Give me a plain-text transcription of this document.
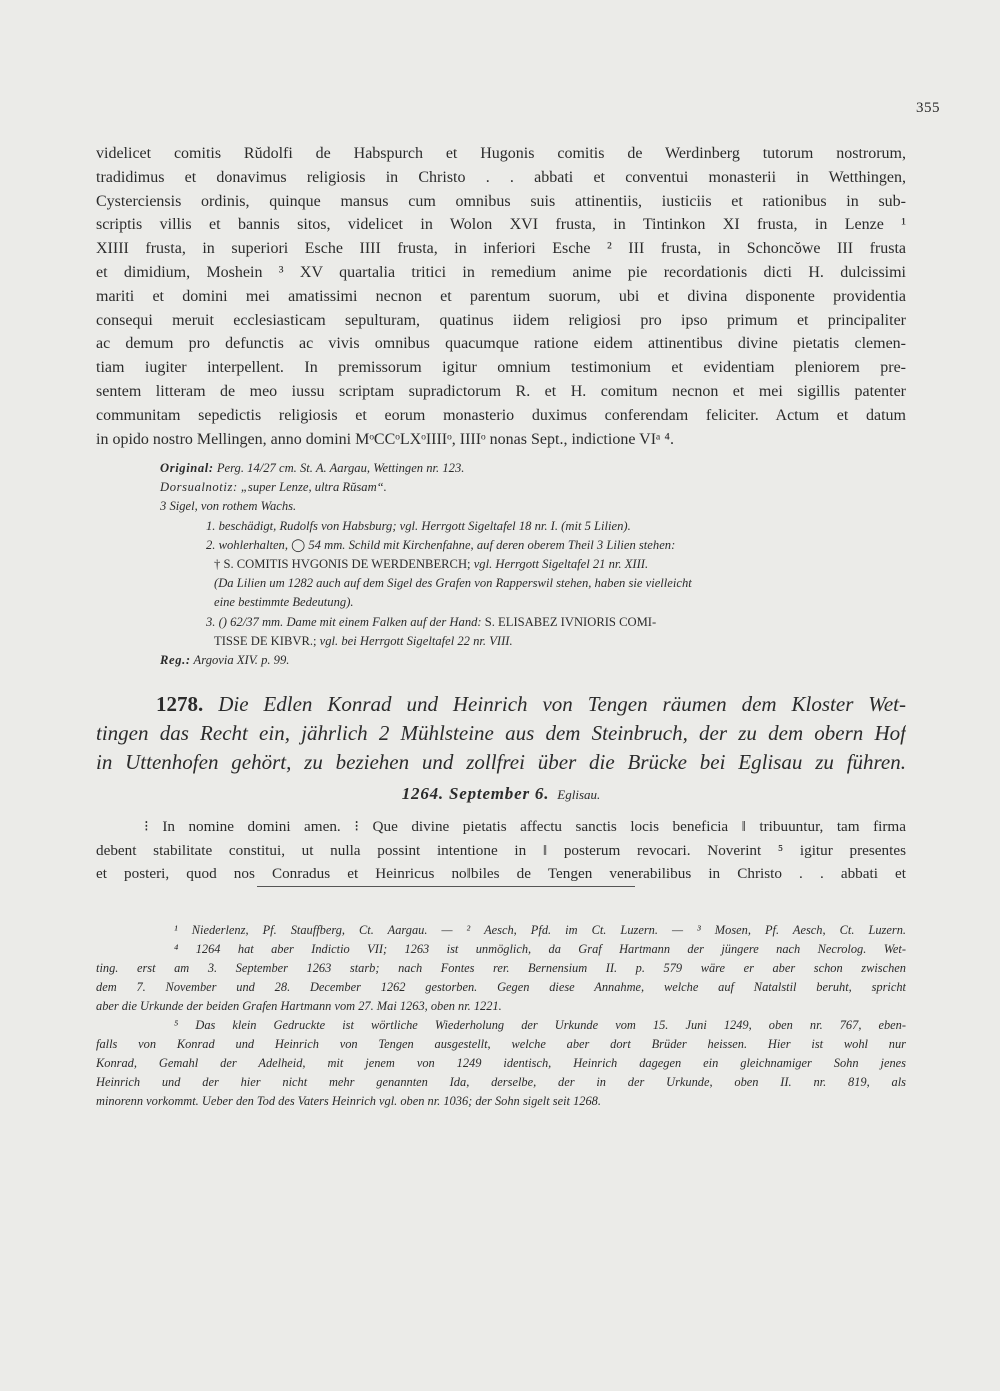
355
videlicet comitis Rŭdolfi de Habspurch et Hugonis comitis de Werdinberg tutorum nostrorum,
tradidimus et donavimus religiosis in Christo . . abbati et conventui monasterii in Wetthingen,
Cysterciensis ordinis, quinque mansus cum omnibus suis attinentiis, iusticiis et rationibus in sub-
scriptis villis et bannis sitos, videlicet in Wolon XVI frusta, in Tintinkon XI frusta, in Lenze ¹
XIIII frusta, in superiori Esche IIII frusta, in inferiori Esche ² III frusta, in Schoncŏwe III frusta
et dimidium, Moshein ³ XV quartalia tritici in remedium anime pie recordationis dicti H. dulcissimi
mariti et domini mei amatissimi necnon et parentum suorum, ubi et divina disponente providentia
consequi meruit ecclesiasticam sepulturam, quatinus iidem religiosi pro ipso primum et principaliter
ac demum pro defunctis ac vivis omnibus quacumque ratione eidem attinentibus divine pietatis clemen-
tiam iugiter interpellent. In premissorum igitur omnium testimonium et evidentiam pleniorem pre-
sentem litteram de meo iussu scriptam supradictorum R. et H. comitum necnon et mei sigillis patenter
communitam sepedictis religiosis et eorum monasterio duximus conferendam feliciter. Actum et datum
in opido nostro Mellingen, anno domini MᵒCCᵒLXᵒIIIIᵒ, IIIIᵒ nonas Sept., indictione VIᵃ ⁴.
Original: Perg. 14/27 cm. St. A. Aargau, Wettingen nr. 123.
Dorsualnotiz: „super Lenze, ultra Rŭsam“.
3 Sigel, von rothem Wachs.
1. beschädigt, Rudolfs von Habsburg; vgl. Herrgott Sigeltafel 18 nr. I. (mit 5 Lilien).
2. wohlerhalten, ◯ 54 mm. Schild mit Kirchenfahne, auf deren oberem Theil 3 Lilien stehen:
† S. COMITIS HVGONIS DE WERDENBERCH; vgl. Herrgott Sigeltafel 21 nr. XIII.
(Da Lilien um 1282 auch auf dem Sigel des Grafen von Rapperswil stehen, haben sie vielleicht
eine bestimmte Bedeutung).
3. () 62/37 mm. Dame mit einem Falken auf der Hand: S. ELISABEZ IVNIORIS COMI-
TISSE DE KIBVR.; vgl. bei Herrgott Sigeltafel 22 nr. VIII.
Reg.: Argovia XIV. p. 99.
1278. Die Edlen Konrad und Heinrich von Tengen räumen dem Kloster Wet-
tingen das Recht ein, jährlich 2 Mühlsteine aus dem Steinbruch, der zu dem obern Hof
in Uttenhofen gehört, zu beziehen und zollfrei über die Brücke bei Eglisau zu führen.
1264. September 6. Eglisau.
⁝ In nomine domini amen. ⁝ Que divine pietatis affectu sanctis locis beneficia ‖ tribuuntur, tam firma
debent stabilitate constitui, ut nulla possint intentione in ‖ posterum revocari. Noverint ⁵ igitur presentes
et posteri, quod nos Conradus et Heinricus no‖biles de Tengen venerabilibus in Christo . . abbati et
¹ Niederlenz, Pf. Stauffberg, Ct. Aargau. — ² Aesch, Pfd. im Ct. Luzern. — ³ Mosen, Pf. Aesch, Ct. Luzern.
⁴ 1264 hat aber Indictio VII; 1263 ist unmöglich, da Graf Hartmann der jüngere nach Necrolog. Wet-
ting. erst am 3. September 1263 starb; nach Fontes rer. Bernensium II. p. 579 wäre er aber schon zwischen
dem 7. November und 28. December 1262 gestorben. Gegen diese Annahme, welche auf Natalstil beruht, spricht
aber die Urkunde der beiden Grafen Hartmann vom 27. Mai 1263, oben nr. 1221.
⁵ Das klein Gedruckte ist wörtliche Wiederholung der Urkunde vom 15. Juni 1249, oben nr. 767, eben-
falls von Konrad und Heinrich von Tengen ausgestellt, welche aber dort Brüder heissen. Hier ist wohl nur
Konrad, Gemahl der Adelheid, mit jenem von 1249 identisch, Heinrich dagegen ein gleichnamiger Sohn jenes
Heinrich und der hier nicht mehr genannten Ida, derselbe, der in der Urkunde, oben II. nr. 819, als
minorenn vorkommt. Ueber den Tod des Vaters Heinrich vgl. oben nr. 1036; der Sohn sigelt seit 1268.
